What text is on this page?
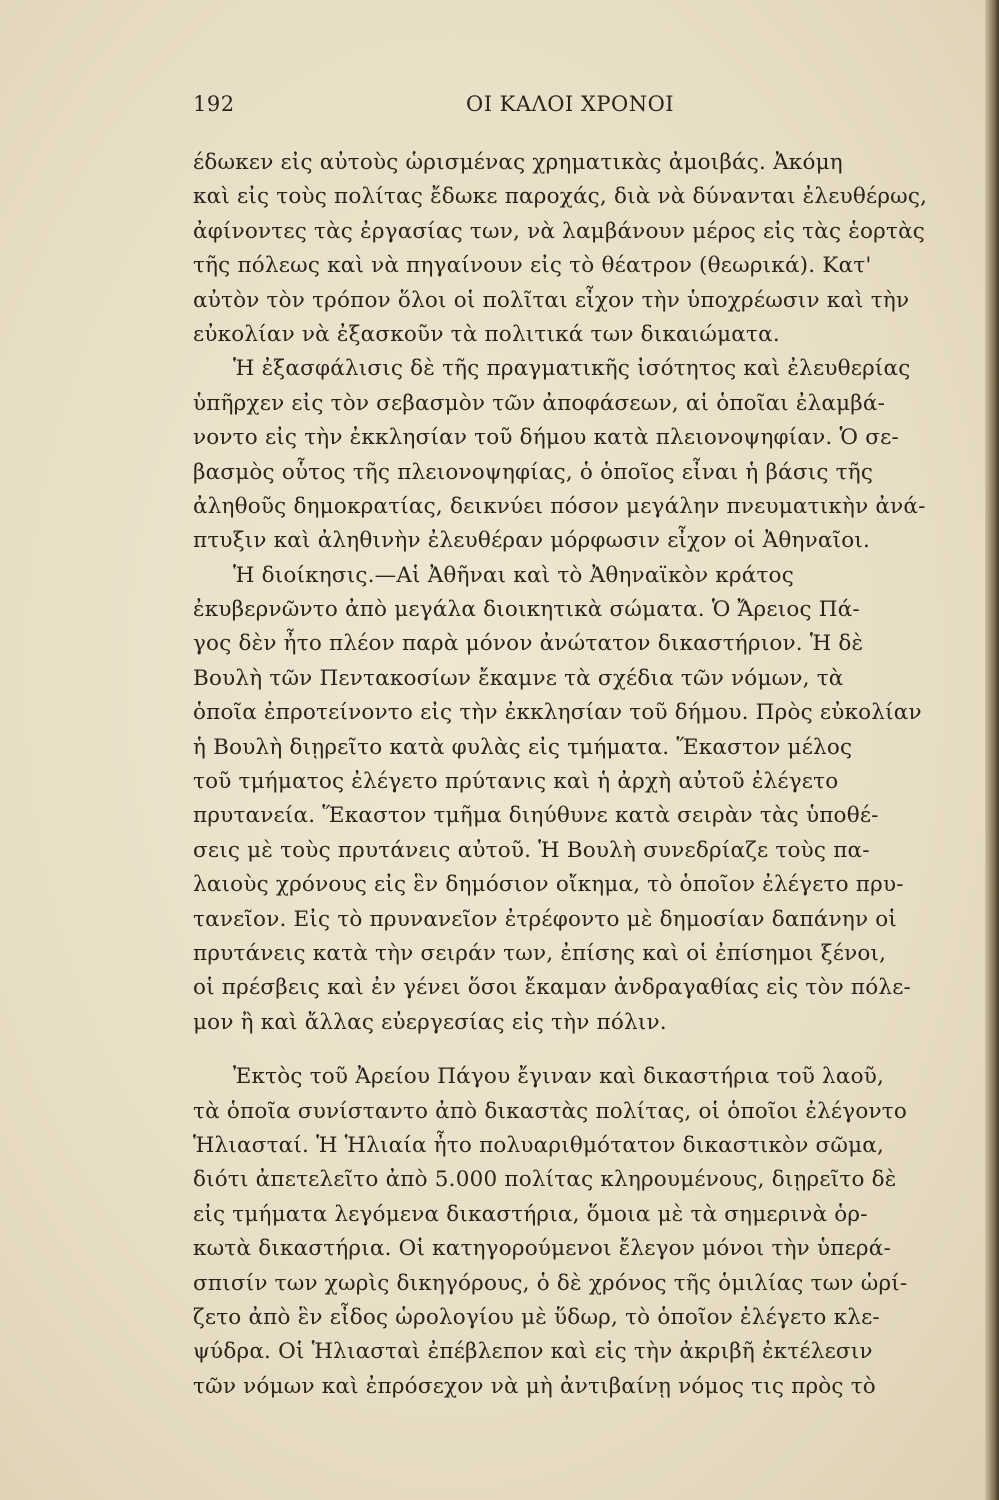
192	ΟΙ ΚΑΛΟΙ ΧΡΟΝΟΙ
έδωκεν εἰς αὐτοὺς ὡρισμένας χρηματικὰς ἀμοιβάς. Ἀκόμη
καὶ εἰς τοὺς πολίτας ἔδωκε παροχάς, διὰ νὰ δύνανται ἐλευθέρως,
ἀφίνοντες τὰς ἐργασίας των, νὰ λαμβάνουν μέρος εἰς τὰς ἑορτὰς
τῆς πόλεως καὶ νὰ πηγαίνουν εἰς τὸ θέατρον (θεωρικά). Κατ'
αὐτὸν τὸν τρόπον ὅλοι οἱ πολῖται εἶχον τὴν ὑποχρέωσιν καὶ τὴν
εὐκολίαν νὰ ἐξασκοῦν τὰ πολιτικά των δικαιώματα.
Ἡ ἐξασφάλισις δὲ τῆς πραγματικῆς ἰσότητος καὶ ἐλευθερίας
ὑπῆρχεν εἰς τὸν σεβασμὸν τῶν ἀποφάσεων, αἱ ὁποῖαι ἐλαμβά-
νοντο εἰς τὴν ἐκκλησίαν τοῦ δήμου κατὰ πλειονοψηφίαν. Ὁ σε-
βασμὸς οὗτος τῆς πλειονοψηφίας, ὁ ὁποῖος εἶναι ἡ βάσις τῆς
ἀληθοῦς δημοκρατίας, δεικνύει πόσον μεγάλην πνευματικὴν ἀνά-
πτυξιν καὶ ἀληθινὴν ἐλευθέραν μόρφωσιν εἶχον οἱ Ἀθηναῖοι.
Ἡ διοίκησις.—Αἱ Ἀθῆναι καὶ τὸ Ἀθηναϊκὸν κράτος
ἐκυβερνῶντο ἀπὸ μεγάλα διοικητικὰ σώματα. Ὁ Ἄρειος Πά-
γος δὲν ἦτο πλέον παρὰ μόνον ἀνώτατον δικαστήριον. Ἡ δὲ
Βουλὴ τῶν Πεντακοσίων ἔκαμνε τὰ σχέδια τῶν νόμων, τὰ
ὁποῖα ἐπροτείνοντο εἰς τὴν ἐκκλησίαν τοῦ δήμου. Πρὸς εὐκολίαν
ἡ Βουλὴ διῃρεῖτο κατὰ φυλὰς εἰς τμήματα. Ἕκαστον μέλος
τοῦ τμήματος ἐλέγετο πρύτανις καὶ ἡ ἀρχὴ αὐτοῦ ἐλέγετο
πρυτανεία. Ἕκαστον τμῆμα διηύθυνε κατὰ σειρὰν τὰς ὑποθέ-
σεις μὲ τοὺς πρυτάνεις αὐτοῦ. Ἡ Βουλὴ συνεδρίαζε τοὺς πα-
λαιοὺς χρόνους εἰς ἓν δημόσιον οἴκημα, τὸ ὁποῖον ἐλέγετο πρυ-
τανεῖον. Εἰς τὸ πρυνανεῖον ἐτρέφοντο μὲ δημοσίαν δαπάνην οἱ
πρυτάνεις κατὰ τὴν σειράν των, ἐπίσης καὶ οἱ ἐπίσημοι ξένοι,
οἱ πρέσβεις καὶ ἐν γένει ὅσοι ἔκαμαν ἀνδραγαθίας εἰς τὸν πόλε-
μον ἢ καὶ ἄλλας εὐεργεσίας εἰς τὴν πόλιν.
Ἐκτὸς τοῦ Ἀρείου Πάγου ἔγιναν καὶ δικαστήρια τοῦ λαοῦ,
τὰ ὁποῖα συνίσταντο ἀπὸ δικαστὰς πολίτας, οἱ ὁποῖοι ἐλέγοντο
Ἡλιασταί. Ἡ Ἡλιαία ἦτο πολυαριθμότατον δικαστικὸν σῶμα,
διότι ἀπετελεῖτο ἀπὸ 5.000 πολίτας κληρουμένους, διῃρεῖτο δὲ
εἰς τμήματα λεγόμενα δικαστήρια, ὅμοια μὲ τὰ σημερινὰ ὁρ-
κωτὰ δικαστήρια. Οἱ κατηγορούμενοι ἔλεγον μόνοι τὴν ὑπερά-
σπισίν των χωρὶς δικηγόρους, ὁ δὲ χρόνος τῆς ὁμιλίας των ὡρί-
ζετο ἀπὸ ἓν εἶδος ὡρολογίου μὲ ὕδωρ, τὸ ὁποῖον ἐλέγετο κλε-
ψύδρα. Οἱ Ἡλιασταὶ ἐπέβλεπον καὶ εἰς τὴν ἀκριβῆ ἐκτέλεσιν
τῶν νόμων καὶ ἐπρόσεχον νὰ μὴ ἀντιβαίνῃ νόμος τις πρὸς τὸ
